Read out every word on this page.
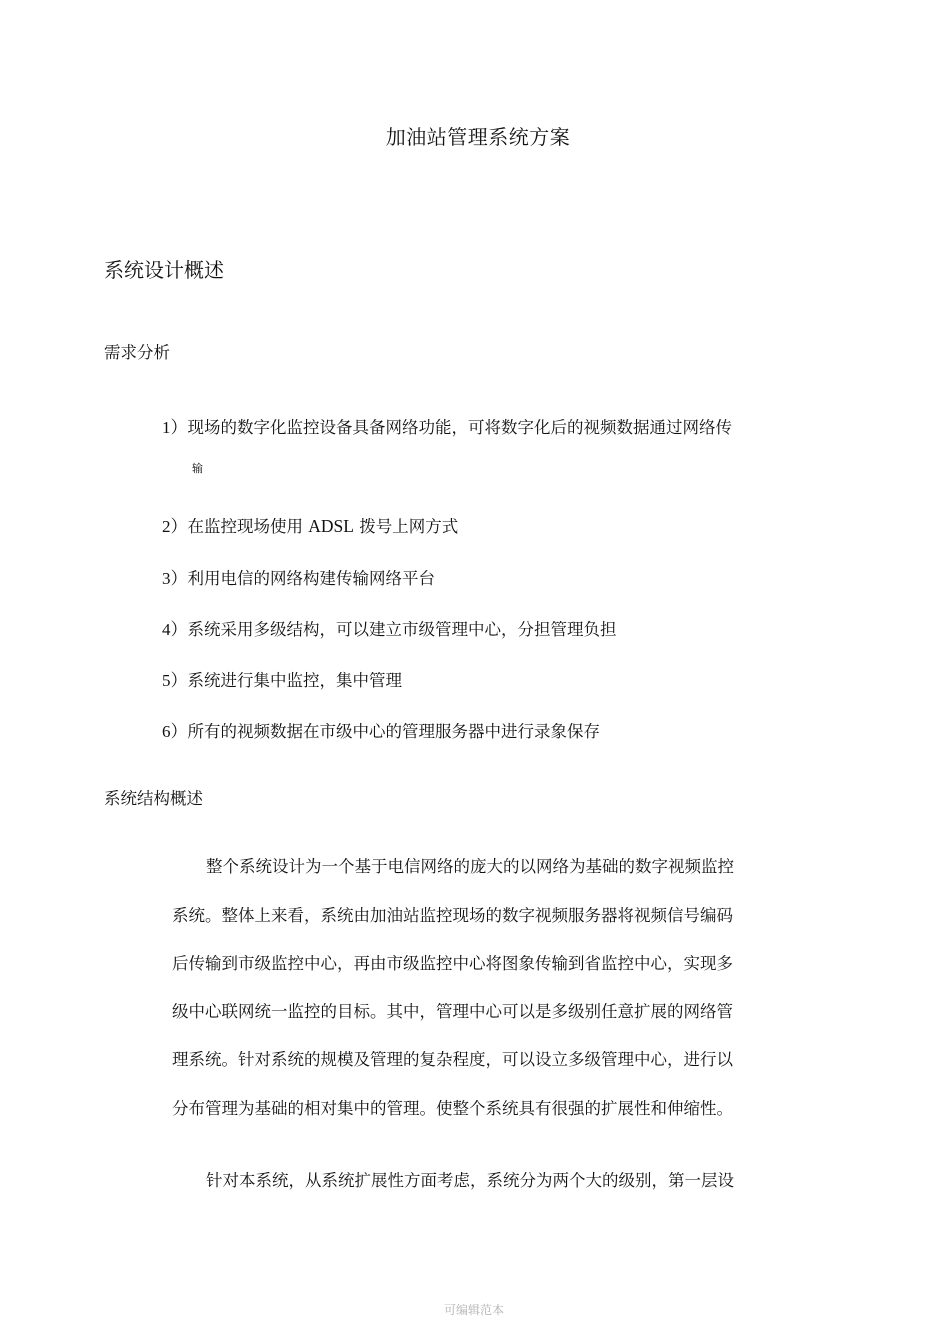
加油站管理系统方案
系统设计概述
需求分析
1）现场的数字化监控设备具备网络功能，可将数字化后的视频数据通过网络传
输
2）在监控现场使用 ADSL 拨号上网方式
3）利用电信的网络构建传输网络平台
4）系统采用多级结构，可以建立市级管理中心，分担管理负担
5）系统进行集中监控，集中管理
6）所有的视频数据在市级中心的管理服务器中进行录象保存
系统结构概述
整个系统设计为一个基于电信网络的庞大的以网络为基础的数字视频监控
系统。整体上来看，系统由加油站监控现场的数字视频服务器将视频信号编码
后传输到市级监控中心，再由市级监控中心将图象传输到省监控中心，实现多
级中心联网统一监控的目标。其中，管理中心可以是多级别任意扩展的网络管
理系统。针对系统的规模及管理的复杂程度，可以设立多级管理中心，进行以
分布管理为基础的相对集中的管理。使整个系统具有很强的扩展性和伸缩性。
针对本系统，从系统扩展性方面考虑，系统分为两个大的级别，第一层设
可编辑范本
